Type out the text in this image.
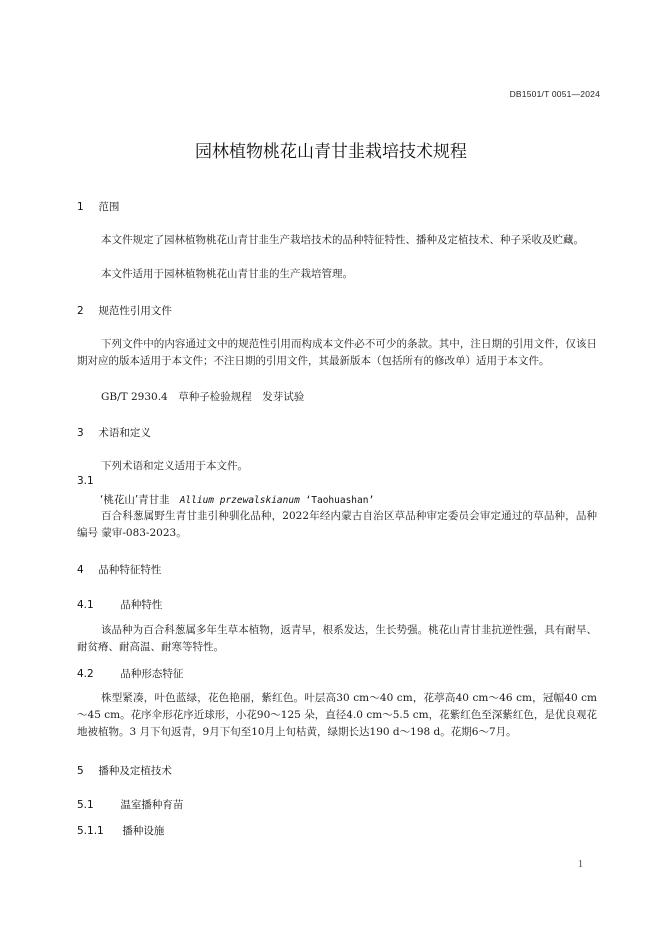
DB1501/T 0051—2024
园林植物桃花山青甘韭栽培技术规程
1 范围
本文件规定了园林植物桃花山青甘韭生产栽培技术的品种特征特性、播种及定植技术、种子采收及贮藏。
本文件适用于园林植物桃花山青甘韭的生产栽培管理。
2 规范性引用文件
下列文件中的内容通过文中的规范性引用而构成本文件必不可少的条款。其中，注日期的引用文件，仅该日期对应的版本适用于本文件；不注日期的引用文件，其最新版本（包括所有的修改单）适用于本文件。
GB/T 2930.4　草种子检验规程　发芽试验
3 术语和定义
下列术语和定义适用于本文件。
3.1
‘桃花山’青甘韭 Allium przewalskianum ‘Taohuashan’
百合科葱属野生青甘韭引种驯化品种，2022年经内蒙古自治区草品种审定委员会审定通过的草品种，品种编号 蒙审-083-2023。
4 品种特征特性
4.1	品种特性
该品种为百合科葱属多年生草本植物，返青早，根系发达，生长势强。桃花山青甘韭抗逆性强，具有耐旱、耐贫瘠、耐高温、耐寒等特性。
4.2	品种形态特征
株型紧凑，叶色蓝绿，花色艳丽，紫红色。叶层高30 cm～40 cm，花葶高40 cm～46 cm，冠幅40 cm～45 cm。花序伞形花序近球形，小花90～125 朵，直径4.0 cm～5.5 cm，花紫红色至深紫红色，是优良观花地被植物。3 月下旬返青，9月下旬至10月上旬枯黄，绿期长达190 d～198 d。花期6～7月。
5 播种及定植技术
5.1	温室播种育苗
5.1.1 播种设施
1
